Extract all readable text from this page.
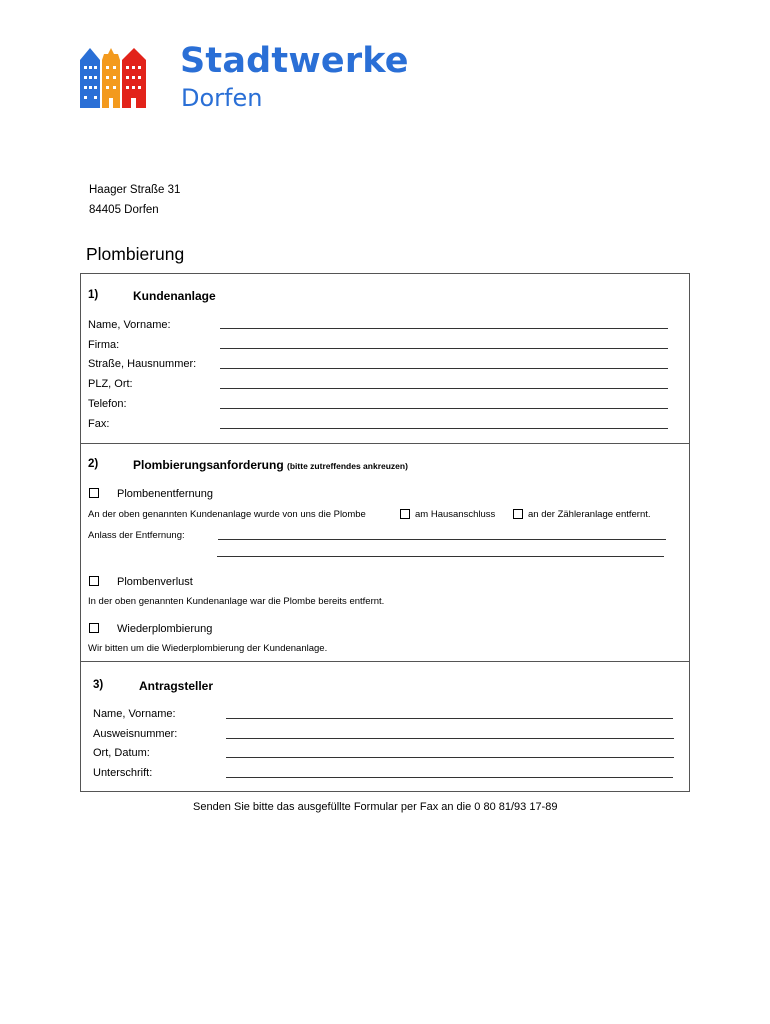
Stadtwerke
Dorfen
Haager Straße 31
84405 Dorfen
Plombierung
1)	Kundenanlage
Name, Vorname:
Firma:
Straße, Hausnummer:
PLZ, Ort:
Telefon:
Fax:
2)	Plombierungsanforderung (bitte zutreffendes ankreuzen)
Plombenentfernung
An der oben genannten Kundenanlage wurde von uns die Plombe	am Hausanschluss	an der Zähleranlage entfernt.
Anlass der Entfernung:
Plombenverlust
In der oben genannten Kundenanlage war die Plombe bereits entfernt.
Wiederplombierung
Wir bitten um die Wiederplombierung der Kundenanlage.
3)	Antragsteller
Name, Vorname:
Ausweisnummer:
Ort, Datum:
Unterschrift:
Senden Sie bitte das ausgefüllte Formular per Fax an die 0 80 81/93 17-89
